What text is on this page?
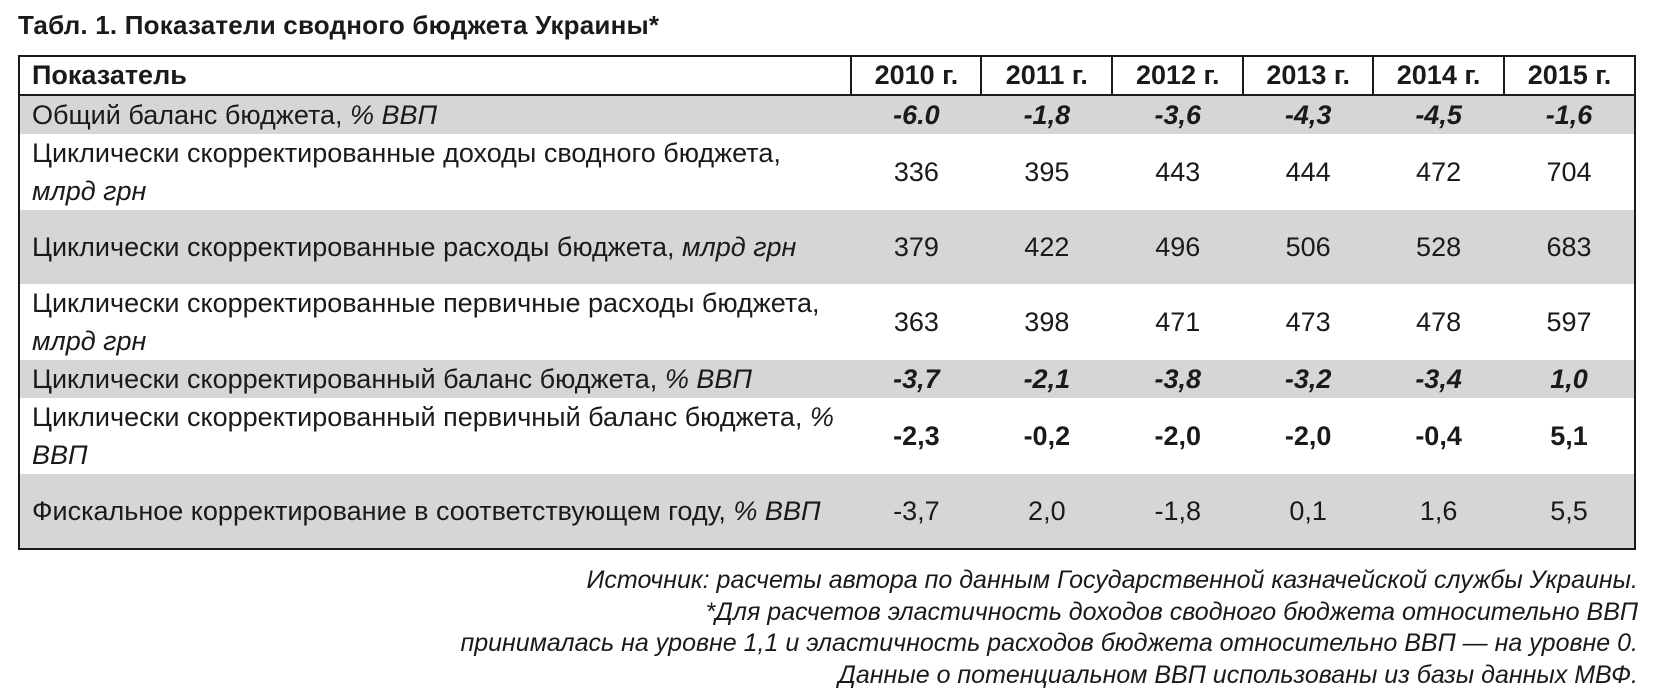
Табл. 1. Показатели сводного бюджета Украины*
Показатель	2010 г.	2011 г.	2012 г.	2013 г.	2014 г.	2015 г.
Общий баланс бюджета, % ВВП	-6.0	-1,8	-3,6	-4,3	-4,5	-1,6
Циклически скорректированные доходы сводного бюджета, млрд грн	336	395	443	444	472	704
Циклически скорректированные расходы бюджета, млрд грн	379	422	496	506	528	683
Циклически скорректированные первичные расходы бюджета, млрд грн	363	398	471	473	478	597
Циклически скорректированный баланс бюджета, % ВВП	-3,7	-2,1	-3,8	-3,2	-3,4	1,0
Циклически скорректированный первичный баланс бюджета, % ВВП	-2,3	-0,2	-2,0	-2,0	-0,4	5,1
Фискальное корректирование в соответствующем году, % ВВП	-3,7	2,0	-1,8	0,1	1,6	5,5
Источник: расчеты автора по данным Государственной казначейской службы Украины.
*Для расчетов эластичность доходов сводного бюджета относительно ВВП
принималась на уровне 1,1 и эластичность расходов бюджета относительно ВВП — на уровне 0.
Данные о потенциальном ВВП использованы из базы данных МВФ.
